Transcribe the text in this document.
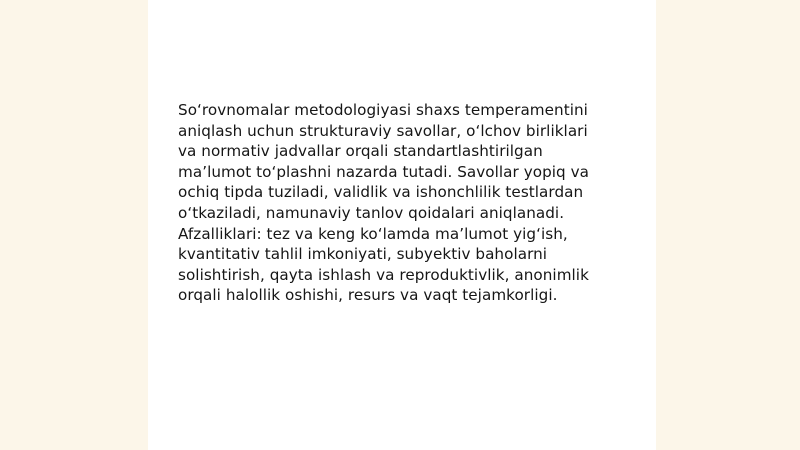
So‘rovnomalar metodologiyasi shaxs temperamentini
aniqlash uchun strukturaviy savollar, o‘lchov birliklari
va normativ jadvallar orqali standartlashtirilgan
ma’lumot to‘plashni nazarda tutadi. Savollar yopiq va
ochiq tipda tuziladi, validlik va ishonchlilik testlardan
o‘tkaziladi, namunaviy tanlov qoidalari aniqlanadi.
Afzalliklari: tez va keng ko‘lamda ma’lumot yig‘ish,
kvantitativ tahlil imkoniyati, subyektiv baholarni
solishtirish, qayta ishlash va reproduktivlik, anonimlik
orqali halollik oshishi, resurs va vaqt tejamkorligi.
